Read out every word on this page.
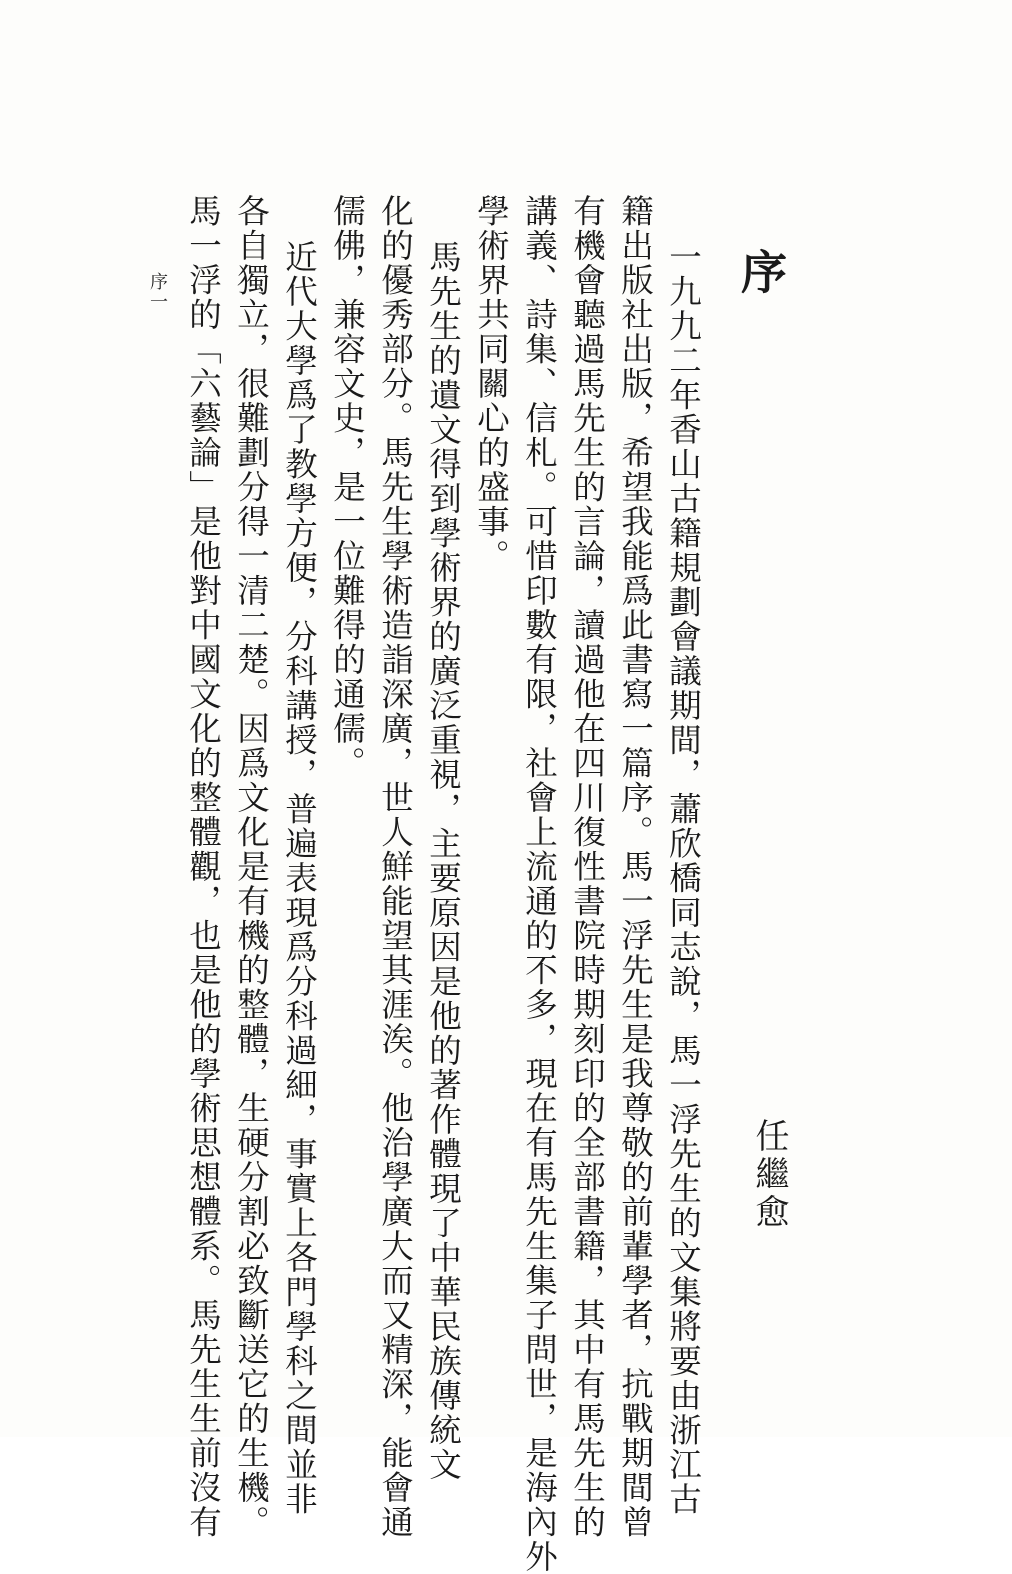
序
任繼愈
一九九二年香山古籍規劃會議期間，蕭欣橋同志說，馬一浮先生的文集將要由浙江古
籍出版社出版，希望我能爲此書寫一篇序。馬一浮先生是我尊敬的前輩學者，抗戰期間曾
有機會聽過馬先生的言論，讀過他在四川復性書院時期刻印的全部書籍，其中有馬先生的
講義、詩集、信札。可惜印數有限，社會上流通的不多，現在有馬先生集子問世，是海內外
學術界共同關心的盛事。
馬先生的遺文得到學術界的廣泛重視，主要原因是他的著作體現了中華民族傳統文
化的優秀部分。馬先生學術造詣深廣，世人鮮能望其涯涘。他治學廣大而又精深，能會通
儒佛，兼容文史，是一位難得的通儒。
近代大學爲了教學方便，分科講授，普遍表現爲分科過細，事實上各門學科之間並非
各自獨立，很難劃分得一清二楚。因爲文化是有機的整體，生硬分割必致斷送它的生機。
馬一浮的「六藝論」是他對中國文化的整體觀，也是他的學術思想體系。馬先生生前沒有
序一
